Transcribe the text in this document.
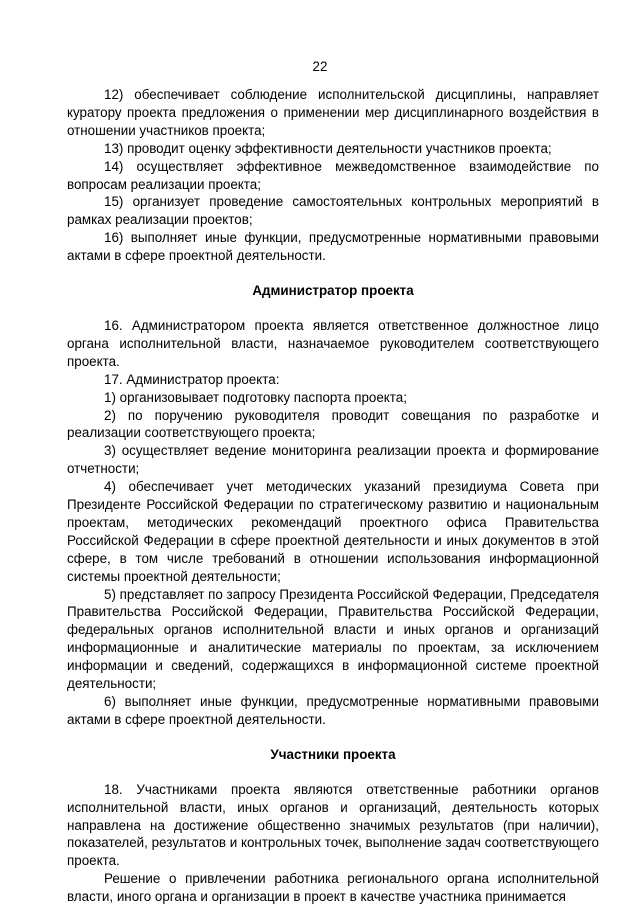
22

12) обеспечивает соблюдение исполнительской дисциплины, направляет куратору проекта предложения о применении мер дисциплинарного воздействия в отношении участников проекта;

13) проводит оценку эффективности деятельности участников проекта;

14) осуществляет эффективное межведомственное взаимодействие по вопросам реализации проекта;

15) организует проведение самостоятельных контрольных мероприятий в рамках реализации проектов;

16) выполняет иные функции, предусмотренные нормативными правовыми актами в сфере проектной деятельности.

Администратор проекта

16. Администратором проекта является ответственное должностное лицо органа исполнительной власти, назначаемое руководителем соответствующего проекта.

17. Администратор проекта:

1) организовывает подготовку паспорта проекта;

2) по поручению руководителя проводит совещания по разработке и реализации соответствующего проекта;

3) осуществляет ведение мониторинга реализации проекта и формирование отчетности;

4) обеспечивает учет методических указаний президиума Совета при Президенте Российской Федерации по стратегическому развитию и национальным проектам, методических рекомендаций проектного офиса Правительства Российской Федерации в сфере проектной деятельности и иных документов в этой сфере, в том числе требований в отношении использования информационной системы проектной деятельности;

5) представляет по запросу Президента Российской Федерации, Председателя Правительства Российской Федерации, Правительства Российской Федерации, федеральных органов исполнительной власти и иных органов и организаций информационные и аналитические материалы по проектам, за исключением информации и сведений, содержащихся в информационной системе проектной деятельности;

6) выполняет иные функции, предусмотренные нормативными правовыми актами в сфере проектной деятельности.

Участники проекта

18. Участниками проекта являются ответственные работники органов исполнительной власти, иных органов и организаций, деятельность которых направлена на достижение общественно значимых результатов (при наличии), показателей, результатов и контрольных точек, выполнение задач соответствующего проекта.

Решение о привлечении работника регионального органа исполнительной власти, иного органа и организации в проект в качестве участника принимается
